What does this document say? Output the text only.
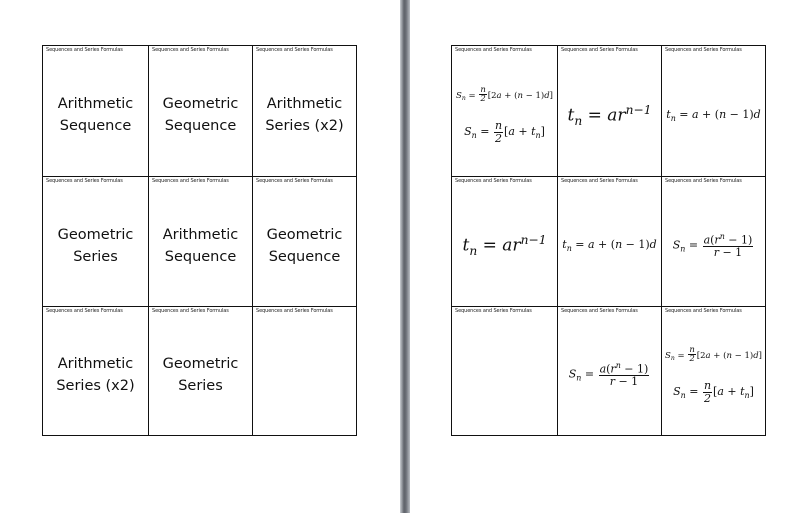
Sequences and Series Formulas
Arithmetic
Sequence
Sequences and Series Formulas
Geometric
Sequence
Sequences and Series Formulas
Arithmetic
Series (x2)
Sequences and Series Formulas
Geometric
Series
Sequences and Series Formulas
Arithmetic
Sequence
Sequences and Series Formulas
Geometric
Sequence
Sequences and Series Formulas
Arithmetic
Series (x2)
Sequences and Series Formulas
Geometric
Series
Sequences and Series Formulas
Sequences and Series Formulas
$S_n = \frac{n}{2} [2a + (n - 1)d]$
$S_n = \frac{n}{2} [a + t_n]$
Sequences and Series Formulas
$t_n = ar^{n-1}$
Sequences and Series Formulas
$t_n = a + (n - 1)d$
Sequences and Series Formulas
$t_n = ar^{n-1}$
Sequences and Series Formulas
$t_n = a + (n - 1)d$
Sequences and Series Formulas
$S_n = \frac{a(r^n - 1)}{r - 1}$
Sequences and Series Formulas	Sequences and Series Formulas
$S_n = \frac{a(r^n - 1)}{r - 1}$
Sequences and Series Formulas
$S_n = \frac{n}{2} [2a + (n - 1)d]$
$S_n = \frac{n}{2} [a + t_n]$
